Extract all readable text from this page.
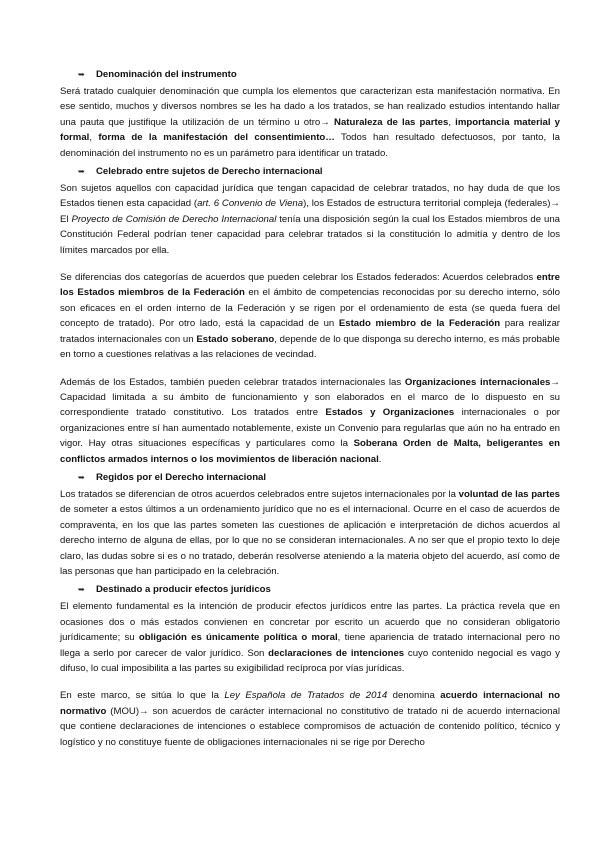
➥	Denominación del instrumento

Será tratado cualquier denominación que cumpla los elementos que caracterizan esta manifestación normativa. En ese sentido, muchos y diversos nombres se les ha dado a los tratados, se han realizado estudios intentando hallar una pauta que justifique la utilización de un término u otro→ Naturaleza de las partes, importancia material y formal, forma de la manifestación del consentimiento… Todos han resultado defectuosos, por tanto, la denominación del instrumento no es un parámetro para identificar un tratado.

➥	Celebrado entre sujetos de Derecho internacional

Son sujetos aquellos con capacidad jurídica que tengan capacidad de celebrar tratados, no hay duda de que los Estados tienen esta capacidad (art. 6 Convenio de Viena), los Estados de estructura territorial compleja (federales)→ El Proyecto de Comisión de Derecho Internacional tenía una disposición según la cual los Estados miembros de una Constitución Federal podrían tener capacidad para celebrar tratados si la constitución lo admitía y dentro de los límites marcados por ella.

Se diferencias dos categorías de acuerdos que pueden celebrar los Estados federados: Acuerdos celebrados entre los Estados miembros de la Federación en el ámbito de competencias reconocidas por su derecho interno, sólo son eficaces en el orden interno de la Federación y se rigen por el ordenamiento de esta (se queda fuera del concepto de tratado). Por otro lado, está la capacidad de un Estado miembro de la Federación para realizar tratados internacionales con un Estado soberano, depende de lo que disponga su derecho interno, es más probable en torno a cuestiones relativas a las relaciones de vecindad.

Además de los Estados, también pueden celebrar tratados internacionales las Organizaciones internacionales→ Capacidad limitada a su ámbito de funcionamiento y son elaborados en el marco de lo dispuesto en su correspondiente tratado constitutivo. Los tratados entre Estados y Organizaciones internacionales o por organizaciones entre sí han aumentado notablemente, existe un Convenio para regularlas que aún no ha entrado en vigor. Hay otras situaciones específicas y particulares como la Soberana Orden de Malta, beligerantes en conflictos armados internos o los movimientos de liberación nacional.

➥	Regidos por el Derecho internacional

Los tratados se diferencian de otros acuerdos celebrados entre sujetos internacionales por la voluntad de las partes de someter a estos últimos a un ordenamiento jurídico que no es el internacional. Ocurre en el caso de acuerdos de compraventa, en los que las partes someten las cuestiones de aplicación e interpretación de dichos acuerdos al derecho interno de alguna de ellas, por lo que no se consideran internacionales. A no ser que el propio texto lo deje claro, las dudas sobre si es o no tratado, deberán resolverse ateniendo a la materia objeto del acuerdo, así como de las personas que han participado en la celebración.

➥	Destinado a producir efectos jurídicos

El elemento fundamental es la intención de producir efectos jurídicos entre las partes. La práctica revela que en ocasiones dos o más estados convienen en concretar por escrito un acuerdo que no consideran obligatorio jurídicamente; su obligación es únicamente política o moral, tiene apariencia de tratado internacional pero no llega a serlo por carecer de valor jurídico. Son declaraciones de intenciones cuyo contenido negocial es vago y difuso, lo cual imposibilita a las partes su exigibilidad recíproca por vías jurídicas.

En este marco, se sitúa lo que la Ley Española de Tratados de 2014 denomina acuerdo internacional no normativo (MOU)→ son acuerdos de carácter internacional no constitutivo de tratado ni de acuerdo internacional que contiene declaraciones de intenciones o establece compromisos de actuación de contenido político, técnico y logístico y no constituye fuente de obligaciones internacionales ni se rige por Derecho
